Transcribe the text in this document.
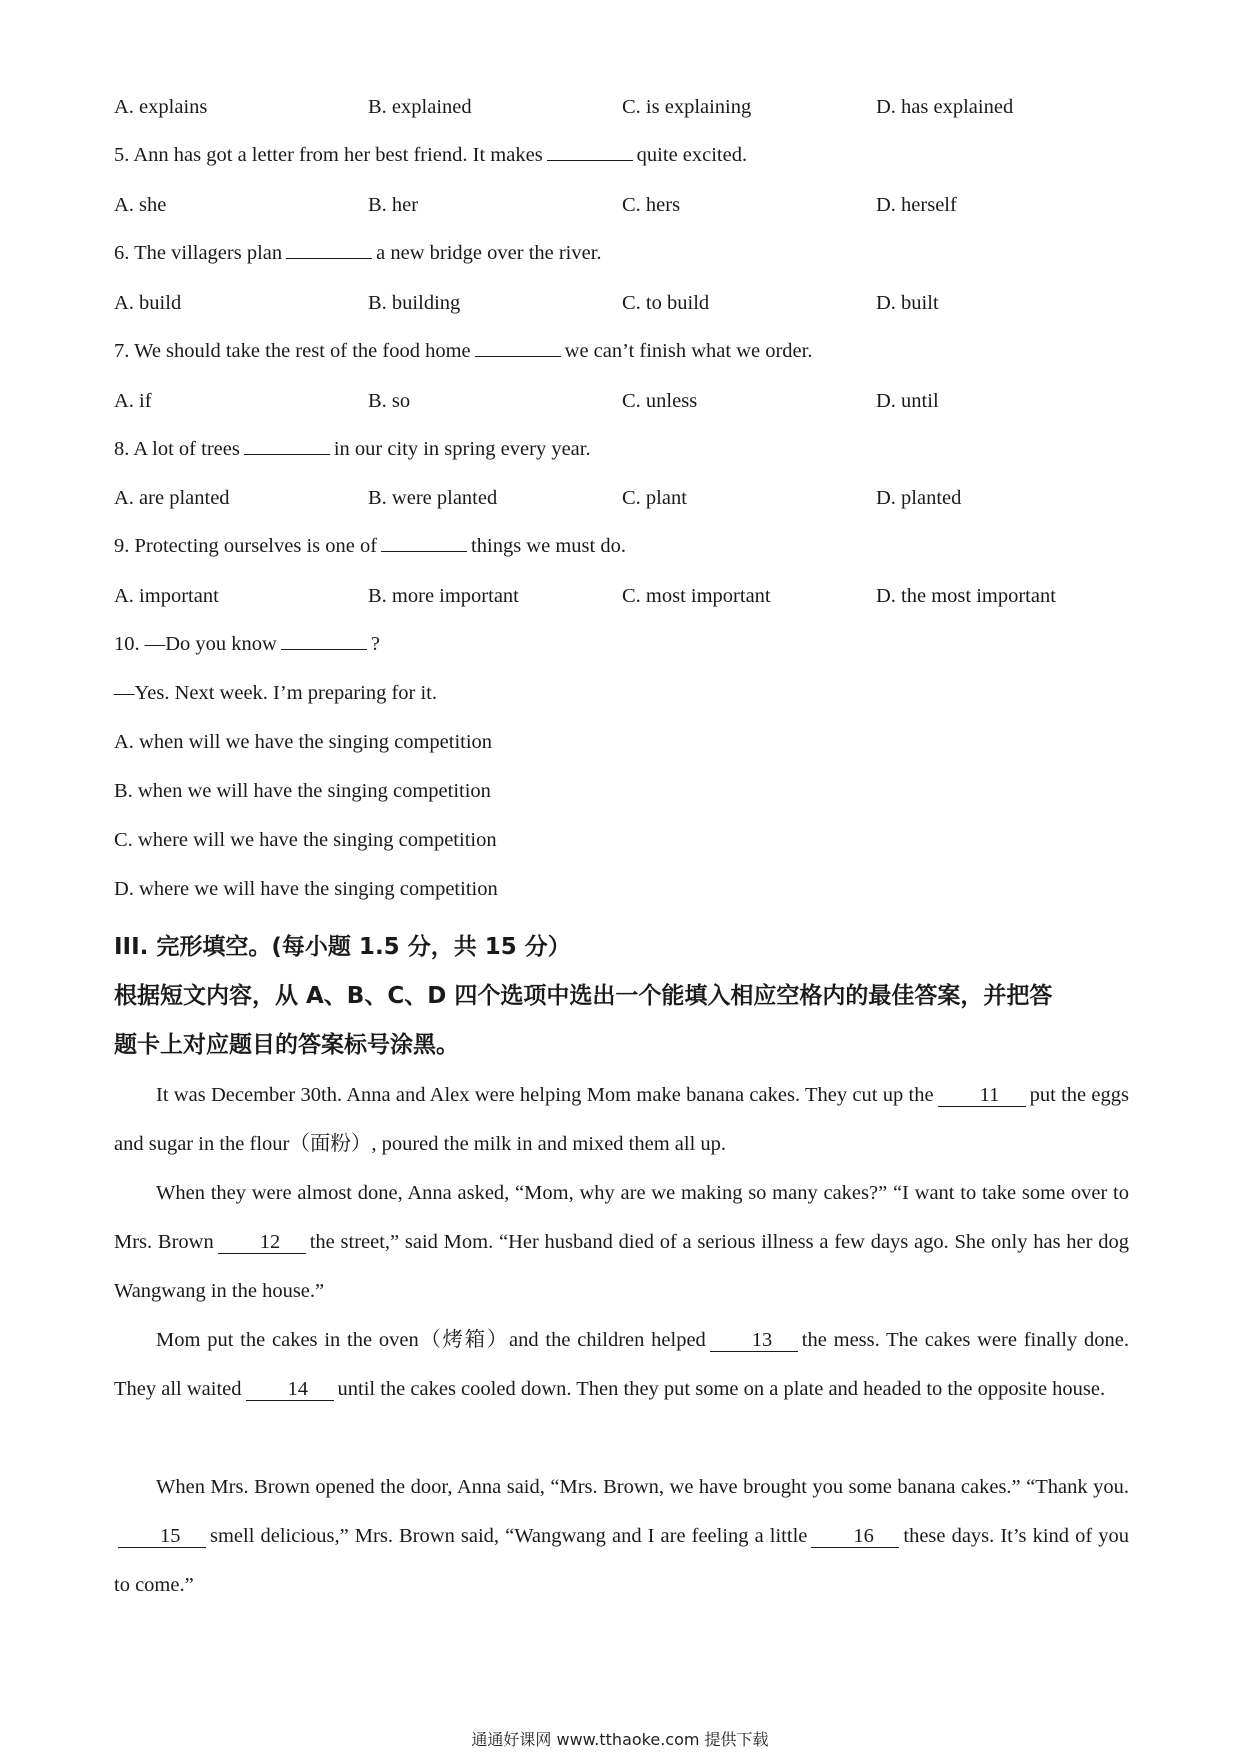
A. explains	B. explained	C. is explaining	D. has explained
5. Ann has got a letter from her best friend. It makes	quite excited.
A. she	B. her	C. hers	D. herself
6. The villagers plan	a new bridge over the river.
A. build	B. building	C. to build	D. built
7. We should take the rest of the food home	we can’t finish what we order.
A. if	B. so	C. unless	D. until
8. A lot of trees	in our city in spring every year.
A. are planted	B. were planted	C. plant	D. planted
9. Protecting ourselves is one of	things we must do.
A. important	B. more important	C. most important	D. the most important
10. —Do you know	?
—Yes. Next week. I’m preparing for it.
A. when will we have the singing competition
B. when we will have the singing competition
C. where will we have the singing competition
D. where we will have the singing competition
III. 完形填空。(每小题 1.5 分，共 15 分）
根据短文内容，从 A、B、C、D 四个选项中选出一个能填入相应空格内的最佳答案，并把答
题卡上对应题目的答案标号涂黑。
It was December 30th. Anna and Alex were helping Mom make banana cakes. They cut up the 11 put the eggs and sugar in the flour（面粉）, poured the milk in and mixed them all up.
When they were almost done, Anna asked, “Mom, why are we making so many cakes?” “I want to take some over to Mrs. Brown 12 the street,” said Mom. “Her husband died of a serious illness a few days ago. She only has her dog Wangwang in the house.”
Mom put the cakes in the oven（烤箱）and the children helped 13 the mess. The cakes were finally done. They all waited 14 until the cakes cooled down. Then they put some on a plate and headed to the opposite house.
When Mrs. Brown opened the door, Anna said, “Mrs. Brown, we have brought you some banana cakes.” “Thank you.15 smell delicious,” Mrs. Brown said, “Wangwang and I are feeling a little 16 these days. It’s kind of you to come.”
通通好课网 www.tthaoke.com 提供下载
